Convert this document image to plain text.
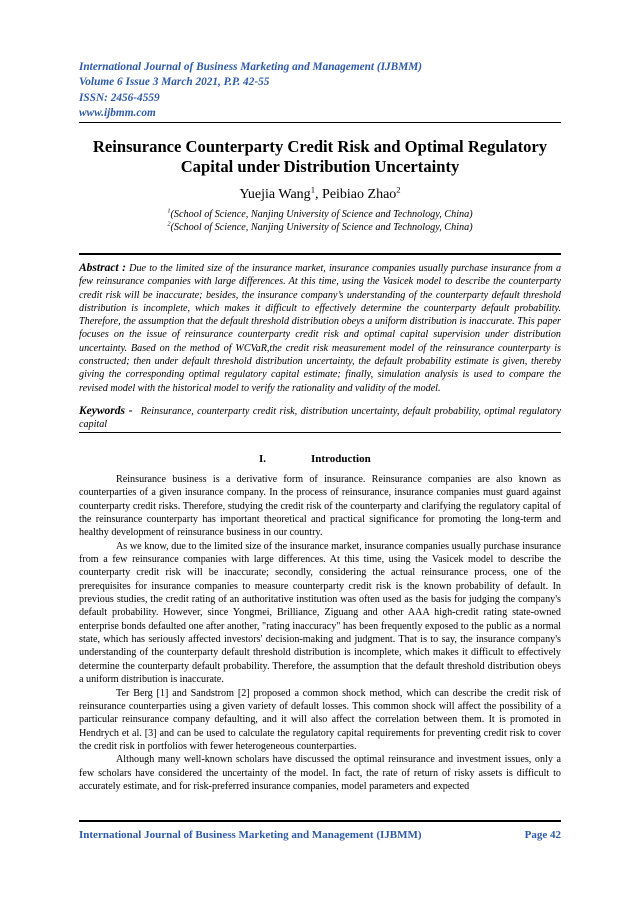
International Journal of Business Marketing and Management (IJBMM)
Volume 6 Issue 3 March 2021, P.P. 42-55
ISSN: 2456-4559
www.ijbmm.com
Reinsurance Counterparty Credit Risk and Optimal Regulatory Capital under Distribution Uncertainty
Yuejia Wang$^1$, Peibiao Zhao$^2$
$^1$(School of Science, Nanjing University of Science and Technology, China)
$^2$(School of Science, Nanjing University of Science and Technology, China)
Abstract : Due to the limited size of the insurance market, insurance companies usually purchase insurance from a few reinsurance companies with large differences. At this time, using the Vasicek model to describe the counterparty credit risk will be inaccurate; besides, the insurance company’s understanding of the counterparty default threshold distribution is incomplete, which makes it difficult to effectively determine the counterparty default probability. Therefore, the assumption that the default threshold distribution obeys a uniform distribution is inaccurate. This paper focuses on the issue of reinsurance counterparty credit risk and optimal capital supervision under distribution uncertainty. Based on the method of WCVaR,the credit risk measurement model of the reinsurance counterparty is constructed; then under default threshold distribution uncertainty, the default probability estimate is given, thereby giving the corresponding optimal regulatory capital estimate; finally, simulation analysis is used to compare the revised model with the historical model to verify the rationality and validity of the model.
Keywords - Reinsurance, counterparty credit risk, distribution uncertainty, default probability, optimal regulatory capital
I.	Introduction

Reinsurance business is a derivative form of insurance. Reinsurance companies are also known as counterparties of a given insurance company. In the process of reinsurance, insurance companies must guard against counterparty credit risks. Therefore, studying the credit risk of the counterparty and clarifying the regulatory capital of the reinsurance counterparty has important theoretical and practical significance for promoting the long-term and healthy development of reinsurance business in our country.

As we know, due to the limited size of the insurance market, insurance companies usually purchase insurance from a few reinsurance companies with large differences. At this time, using the Vasicek model to describe the counterparty credit risk will be inaccurate; secondly, considering the actual reinsurance process, one of the prerequisites for insurance companies to measure counterparty credit risk is the known probability of default. In previous studies, the credit rating of an authoritative institution was often used as the basis for judging the company's default probability. However, since Yongmei, Brilliance, Ziguang and other AAA high-credit rating state-owned enterprise bonds defaulted one after another, "rating inaccuracy" has been frequently exposed to the public as a normal state, which has seriously affected investors' decision-making and judgment. That is to say, the insurance company's understanding of the counterparty default threshold distribution is incomplete, which makes it difficult to effectively determine the counterparty default probability. Therefore, the assumption that the default threshold distribution obeys a uniform distribution is inaccurate.

Ter Berg [1] and Sandstrom [2] proposed a common shock method, which can describe the credit risk of reinsurance counterparties using a given variety of default losses. This common shock will affect the possibility of a particular reinsurance company defaulting, and it will also affect the correlation between them. It is promoted in Hendrych et al. [3] and can be used to calculate the regulatory capital requirements for preventing credit risk to cover the credit risk in portfolios with fewer heterogeneous counterparties.

Although many well-known scholars have discussed the optimal reinsurance and investment issues, only a few scholars have considered the uncertainty of the model. In fact, the rate of return of risky assets is difficult to accurately estimate, and for risk-preferred insurance companies, model parameters and expected

International Journal of Business Marketing and Management (IJBMM)	Page 42
